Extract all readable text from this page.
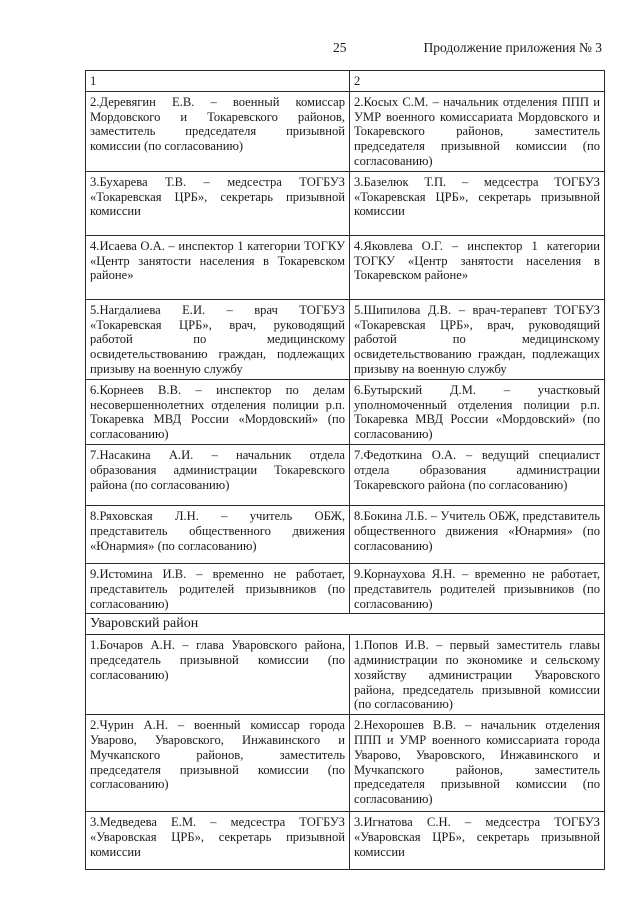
25	Продолжение приложения № 3
1	2
2.Деревягин Е.В. – военный комиссар Мордовского и Токаревского районов, заместитель председателя призывной комиссии (по согласованию)	2.Косых С.М. – начальник отделения ППП и УМР военного комиссариата Мордовского и Токаревского районов, заместитель председателя призывной комиссии (по согласованию)
3.Бухарева Т.В. – медсестра ТОГБУЗ «Токаревская ЦРБ», секретарь призывной комиссии	3.Базелюк Т.П. – медсестра ТОГБУЗ «Токаревская ЦРБ», секретарь призывной комиссии
4.Исаева О.А. – инспектор 1 категории ТОГКУ «Центр занятости населения в Токаревском районе»	4.Яковлева О.Г. – инспектор 1 категории ТОГКУ «Центр занятости населения в Токаревском районе»
5.Нагдалиева Е.И. – врач ТОГБУЗ «Токаревская ЦРБ», врач, руководящий работой по медицинскому освидетельствованию граждан, подлежащих призыву на военную службу	5.Шипилова Д.В. – врач-терапевт ТОГБУЗ «Токаревская ЦРБ», врач, руководящий работой по медицинскому освидетельствованию граждан, подлежащих призыву на военную службу
6.Корнеев В.В. – инспектор по делам несовершеннолетних отделения полиции р.п. Токаревка МВД России «Мордовский» (по согласованию)	6.Бутырский Д.М. – участковый уполномоченный отделения полиции р.п. Токаревка МВД России «Мордовский» (по согласованию)
7.Насакина А.И. – начальник отдела образования администрации Токаревского района (по согласованию)	7.Федоткина О.А. – ведущий специалист отдела образования администрации Токаревского района (по согласованию)
8.Ряховская Л.Н. – учитель ОБЖ, представитель общественного движения «Юнармия» (по согласованию)	8.Бокина Л.Б. – Учитель ОБЖ, представитель общественного движения «Юнармия» (по согласованию)
9.Истомина И.В. – временно не работает, представитель родителей призывников (по согласованию)	9.Корнаухова Я.Н. – временно не работает, представитель родителей призывников (по согласованию)
Уваровский район	
1.Бочаров А.Н. – глава Уваровского района, председатель призывной комиссии (по согласованию)	1.Попов И.В. – первый заместитель главы администрации по экономике и сельскому хозяйству администрации Уваровского района, председатель призывной комиссии (по согласованию)
2.Чурин А.Н. – военный комиссар города Уварово, Уваровского, Инжавинского и Мучкапского районов, заместитель председателя призывной комиссии (по согласованию)	2.Нехорошев В.В. – начальник отделения ППП и УМР военного комиссариата города Уварово, Уваровского, Инжавинского и Мучкапского районов, заместитель председателя призывной комиссии (по согласованию)
3.Медведева Е.М. – медсестра ТОГБУЗ «Уваровская ЦРБ», секретарь призывной комиссии	3.Игнатова С.Н. – медсестра ТОГБУЗ «Уваровская ЦРБ», секретарь призывной комиссии
